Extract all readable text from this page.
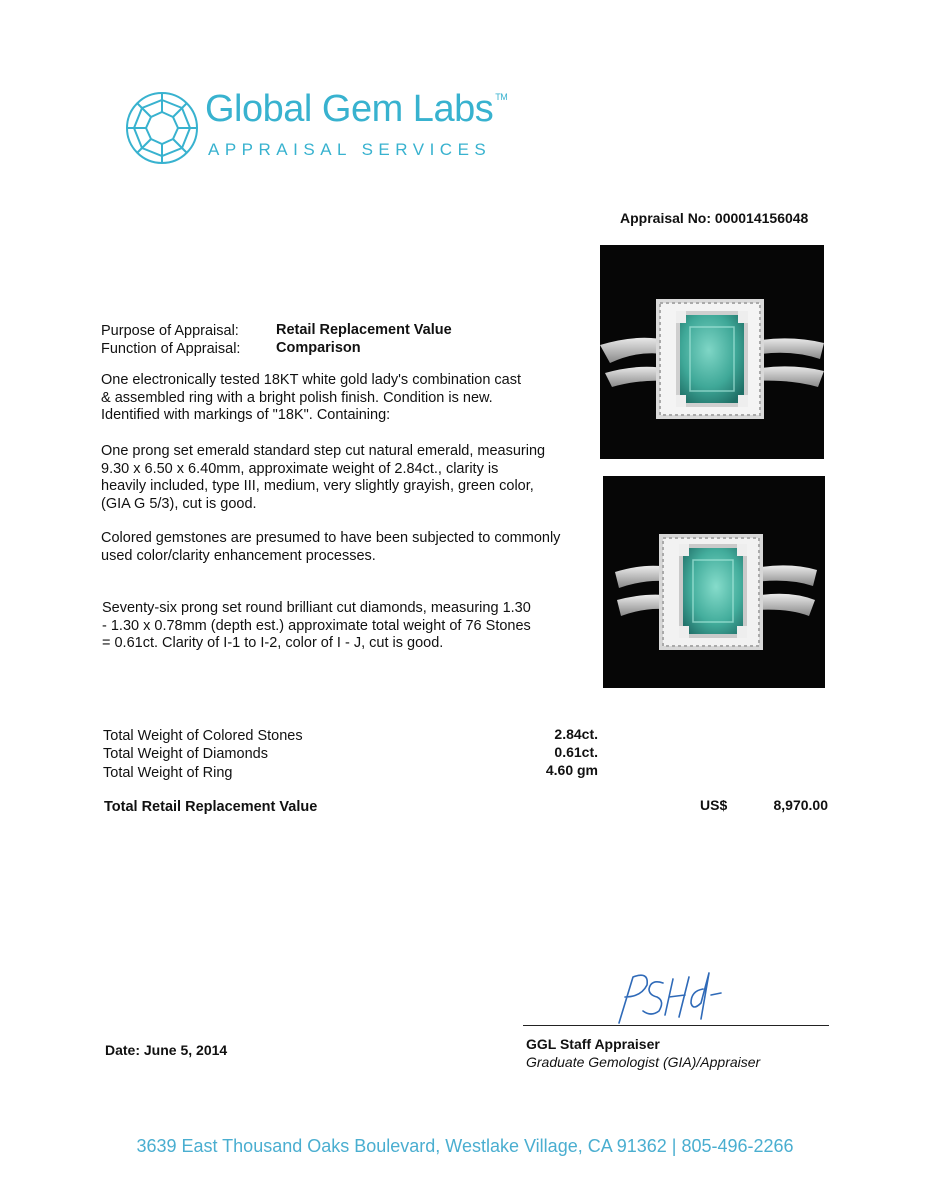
Global Gem Labs ™
APPRAISAL SERVICES
Appraisal No: 000014156048
Purpose of Appraisal:	Retail Replacement Value
Function of Appraisal: Comparison

One electronically tested 18KT white gold lady's combination cast

& assembled ring with a bright polish finish. Condition is new.

Identified with markings of "18K". Containing:

One prong set emerald standard step cut natural emerald, measuring

9.30 x 6.50 x 6.40mm, approximate weight of 2.84ct., clarity is

heavily included, type III, medium, very slightly grayish, green color,

(GIA G 5/3), cut is good.

Colored gemstones are presumed to have been subjected to commonly

used color/clarity enhancement processes.

Seventy-six prong set round brilliant cut diamonds, measuring 1.30

- 1.30 x 0.78mm (depth est.) approximate total weight of 76 Stones

= 0.61ct. Clarity of I-1 to I-2, color of I - J, cut is good.

Total Weight of Colored Stones	2.84ct.
Total Weight of Diamonds	0.61ct.
Total Weight of Ring	4.60 gm
Total Retail Replacement Value	US$	8,970.00
Date: June 5, 2014	GGL Staff Appraiser
Graduate Gemologist (GIA)/Appraiser
3639 East Thousand Oaks Boulevard, Westlake Village, CA 91362 | 805-496-2266
